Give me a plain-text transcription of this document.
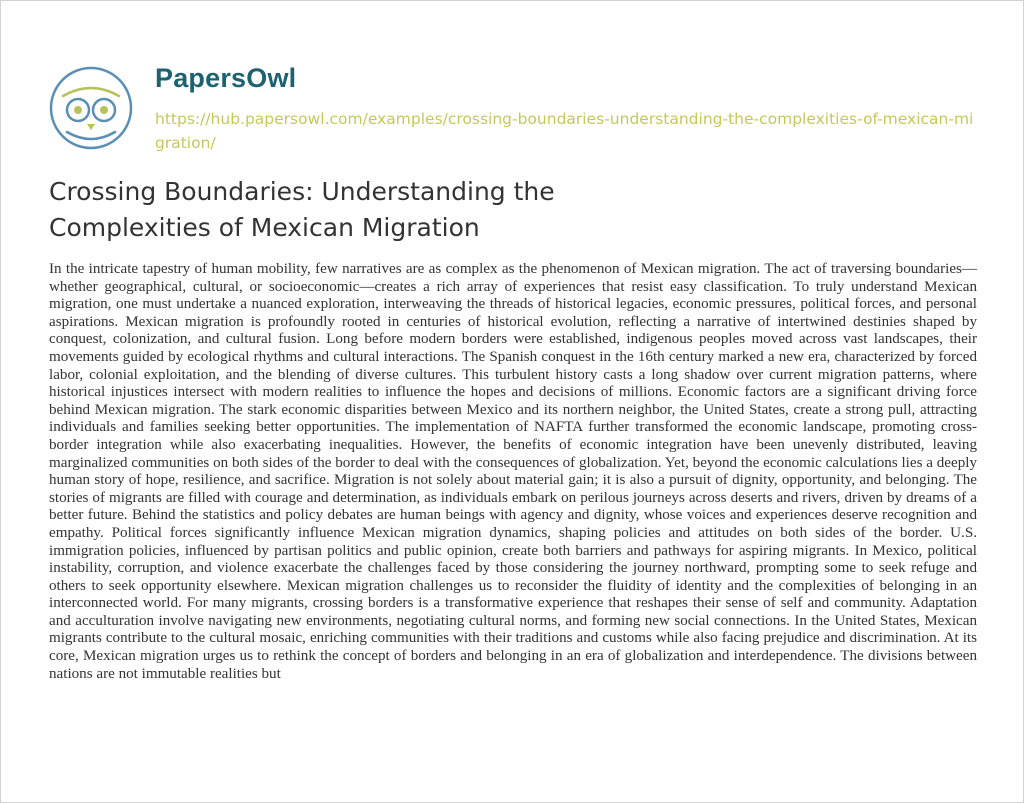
PapersOwl
https://hub.papersowl.com/examples/crossing-boundaries-understanding-the-complexities-of-mexican-migration/
Crossing Boundaries: Understanding the Complexities of Mexican Migration

In the intricate tapestry of human mobility, few narratives are as complex as the phenomenon of Mexican migration. The act of traversing boundaries—whether geographical, cultural, or socioeconomic—creates a rich array of experiences that resist easy classification. To truly understand Mexican migration, one must undertake a nuanced exploration, interweaving the threads of historical legacies, economic pressures, political forces, and personal aspirations. Mexican migration is profoundly rooted in centuries of historical evolution, reflecting a narrative of intertwined destinies shaped by conquest, colonization, and cultural fusion. Long before modern borders were established, indigenous peoples moved across vast landscapes, their movements guided by ecological rhythms and cultural interactions. The Spanish conquest in the 16th century marked a new era, characterized by forced labor, colonial exploitation, and the blending of diverse cultures. This turbulent history casts a long shadow over current migration patterns, where historical injustices intersect with modern realities to influence the hopes and decisions of millions. Economic factors are a significant driving force behind Mexican migration. The stark economic disparities between Mexico and its northern neighbor, the United States, create a strong pull, attracting individuals and families seeking better opportunities. The implementation of NAFTA further transformed the economic landscape, promoting cross-border integration while also exacerbating inequalities. However, the benefits of economic integration have been unevenly distributed, leaving marginalized communities on both sides of the border to deal with the consequences of globalization. Yet, beyond the economic calculations lies a deeply human story of hope, resilience, and sacrifice. Migration is not solely about material gain; it is also a pursuit of dignity, opportunity, and belonging. The stories of migrants are filled with courage and determination, as individuals embark on perilous journeys across deserts and rivers, driven by dreams of a better future. Behind the statistics and policy debates are human beings with agency and dignity, whose voices and experiences deserve recognition and empathy. Political forces significantly influence Mexican migration dynamics, shaping policies and attitudes on both sides of the border. U.S. immigration policies, influenced by partisan politics and public opinion, create both barriers and pathways for aspiring migrants. In Mexico, political instability, corruption, and violence exacerbate the challenges faced by those considering the journey northward, prompting some to seek refuge and others to seek opportunity elsewhere. Mexican migration challenges us to reconsider the fluidity of identity and the complexities of belonging in an interconnected world. For many migrants, crossing borders is a transformative experience that reshapes their sense of self and community. Adaptation and acculturation involve navigating new environments, negotiating cultural norms, and forming new social connections. In the United States, Mexican migrants contribute to the cultural mosaic, enriching communities with their traditions and customs while also facing prejudice and discrimination. At its core, Mexican migration urges us to rethink the concept of borders and belonging in an era of globalization and interdependence. The divisions between nations are not immutable realities but
